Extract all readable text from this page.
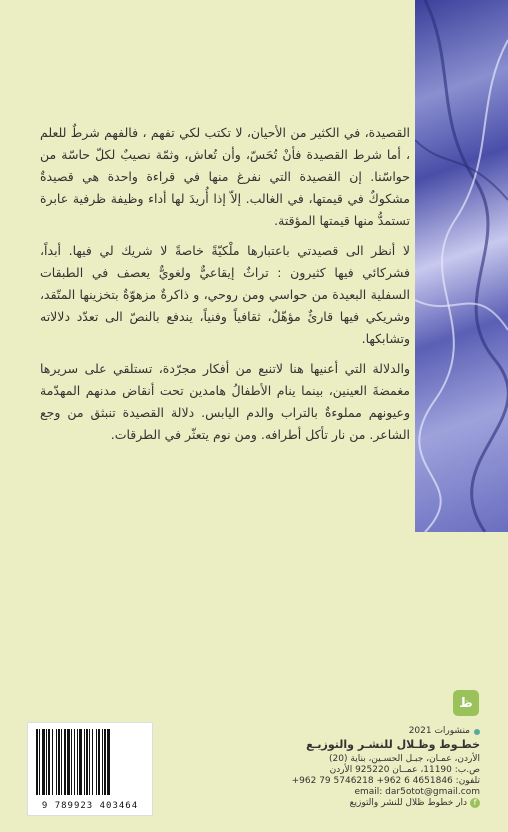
القصيدة، في الكثير من الأحيان، لا تكتب لكي تفهم ، فالفهم شرطٌ للعلم ، أما شرط القصيدة فأنْ تُحَسّ، وأن تُعاش، وثمّة نصيبٌ لكلّ حاسّة من حواسّنا. إن القصيدة التي نفرغ منها في قراءة واحدة هي قصيدةٌ مشكوكٌ في قيمتها، في الغالب. إلاّ إذا أُريدَ لها أداء وظيفة ظرفية عابرة تستمدُّ منها قيمتها المؤقتة.

لا أنظر الى قصيدتي باعتبارها ملْكيّةً خاصةً لا شريك لي فيها. أبداً، فشركائي فيها كثيرون : تراثٌ إيقاعيٌّ ولغويٌّ يعصف في الطبقات السفلية البعيدة من حواسي ومن روحي، و ذاكرةٌ مزهوّةٌ بتخزينها المتّقد، وشريكي فيها قارئٌ مؤهّلٌ، ثقافياً وفنياً، يندفع بالنصّ الى تعدّد دلالاته وتشابكها.

والدلالة التي أعنيها هنا لاتنبع من أفكار مجرّدة، تستلقي على سريرها مغمضةَ العينين، بينما ينام الأطفالُ هامدين تحت أنقاض مدنهم المهدّمة وعيونهم مملوءةٌ بالتراب والدم اليابس. دلالة القصيدة تنبثق من وجع الشاعر. من نار تأكل أطرافه. ومن نوم يتعثّر في الطرقات.

ظ
منشورات 2021
خطـوط وظـلال للنشـر والتوزيـع
الأردن، عمـان، جبـل الحسـين، بناية (20)
ص.ب: 11190، عمــان 925220 الأردن
تلفون: 4651846 6 962+ 5746218 79 962+
email: dar5otot@gmail.com
fدار خطوط ظلال للنشر والتوزيع
9 789923 403464
